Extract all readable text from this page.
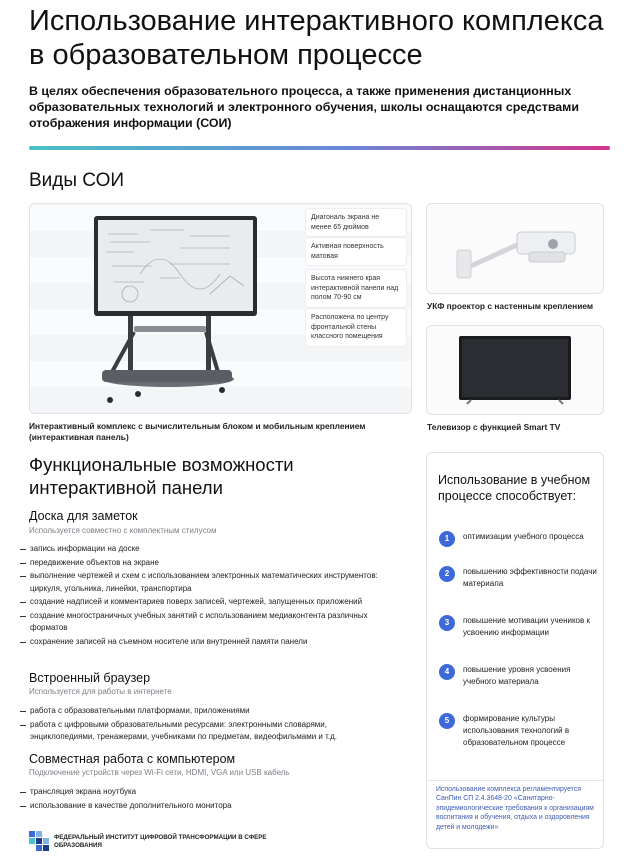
Использование интерактивного комплекса в образовательном процессе

В целях обеспечения образовательного процесса, а также применения дистанционных образовательных технологий и электронного обучения, школы оснащаются средствами отображения информации (СОИ)

Виды СОИ
Диагональ экрана не менее 65 дюймов
Активная поверхность матовая
Высота нижнего края интерактивной панели над полом 70-90 см
Расположена по центру фронтальной стены классного помещения
Интерактивный комплекс с вычислительным блоком и мобильным креплением (интерактивная панель)
УКФ проектор с настенным креплением
Телевизор с функцией Smart TV
Функциональные возможности интерактивной панели
Доска для заметок
Используется совместно с комплектным стилусом
запись информации на доске
передвижение объектов на экране
выполнение чертежей и схем с использованием электронных математических инструментов: циркуля, угольника, линейки, транспортира
создание надписей и комментариев поверх записей, чертежей, запущенных приложений
создание многостраничных учебных занятий с использованием медиаконтента различных форматов
сохранение записей на съемном носителе или внутренней памяти панели
Встроенный браузер
Используется для работы в интернете
работа с образовательными платформами, приложениями
работа с цифровыми образовательными ресурсами: электронными словарями, энциклопедиями, тренажерами, учебниками по предметам, видеофильмами и т.д.
Совместная работа с компьютером
Подключение устройств через Wi-Fi сети, HDMI, VGA или USB кабель
трансляция экрана ноутбука
использование в качестве дополнительного монитора
Использование в учебном процессе способствует:
1	оптимизации учебного процесса
2	повышению эффективности подачи материала
3	повышение мотивации учеников к усвоению информации
4	повышение уровня усвоения учебного материала
5	формирование культуры использования технологий в образовательном процессе
Использование комплекса регламентируется СанПин СП 2.4.3648-20 «Санитарно-эпидемиологические требования к организациям воспитания и обучения, отдыха и оздоровления детей и молодежи»
ФЕДЕРАЛЬНЫЙ ИНСТИТУТ ЦИФРОВОЙ ТРАНСФОРМАЦИИ В СФЕРЕ ОБРАЗОВАНИЯ
